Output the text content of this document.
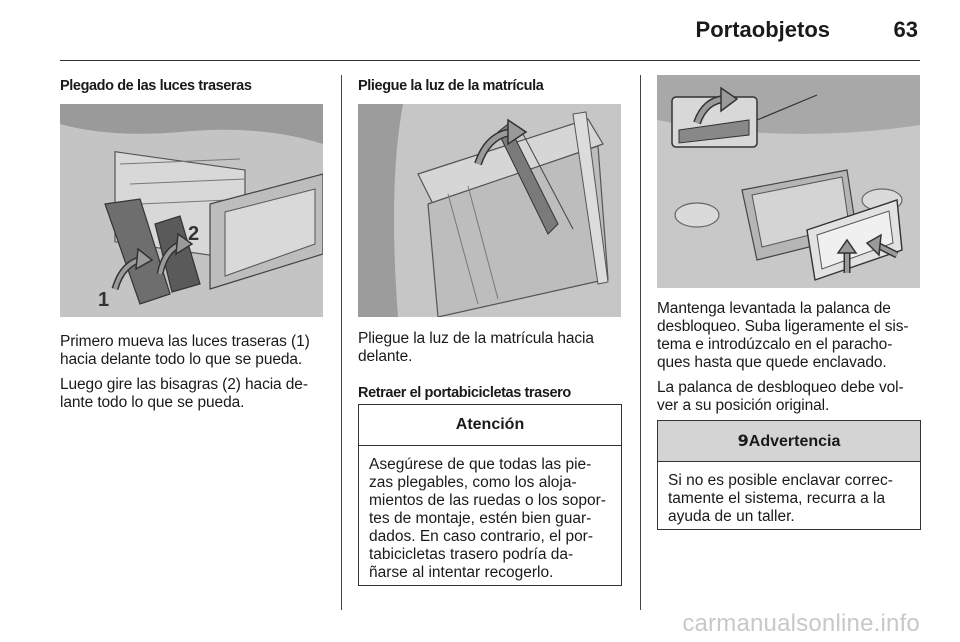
Portaobjetos	63

Plegado de las luces traseras

1
2

Primero mueva las luces traseras (1)
hacia delante todo lo que se pueda.

Luego gire las bisagras (2) hacia de-
lante todo lo que se pueda.

Pliegue la luz de la matrícula

Pliegue la luz de la matrícula hacia
delante.

Retraer el portabicicletas trasero

Atención
Asegúrese de que todas las pie-
zas plegables, como los aloja-
mientos de las ruedas o los sopor-
tes de montaje, estén bien guar-
dados. En caso contrario, el por-
tabicicletas trasero podría da-
ñarse al intentar recogerlo.

Mantenga levantada la palanca de
desbloqueo. Suba ligeramente el sis-
tema e introdúzcalo en el paracho-
ques hasta que quede enclavado.

La palanca de desbloqueo debe vol-
ver a su posición original.

9Advertencia
Si no es posible enclavar correc-
tamente el sistema, recurra a la
ayuda de un taller.
carmanualsonline.info
